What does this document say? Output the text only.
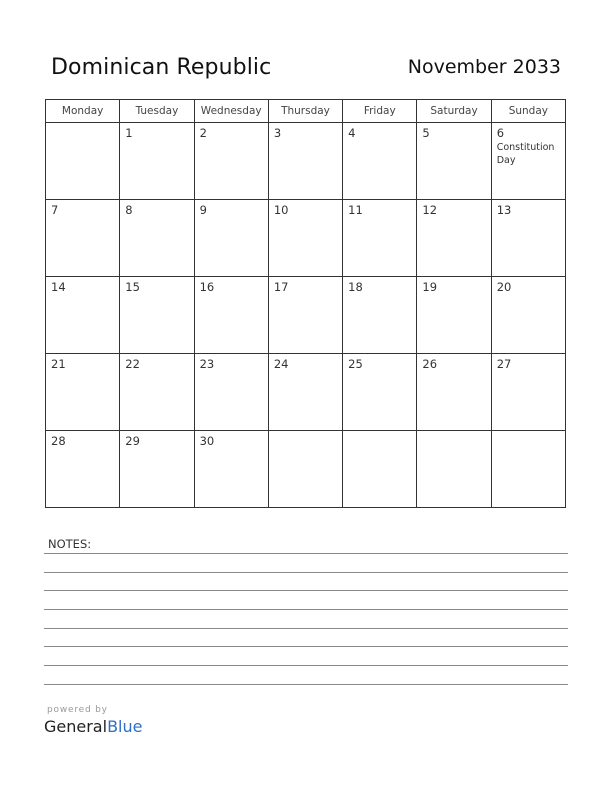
Dominican Republic	November 2033
Monday	Tuesday	Wednesday	Thursday	Friday	Saturday	Sunday

	1	2	3	4	5	6
Constitution Day

7	8	9	10	11	12	13

14	15	16	17	18	19	20

21	22	23	24	25	26	27

28	29	30				

NOTES:
powered by
GeneralBlue
